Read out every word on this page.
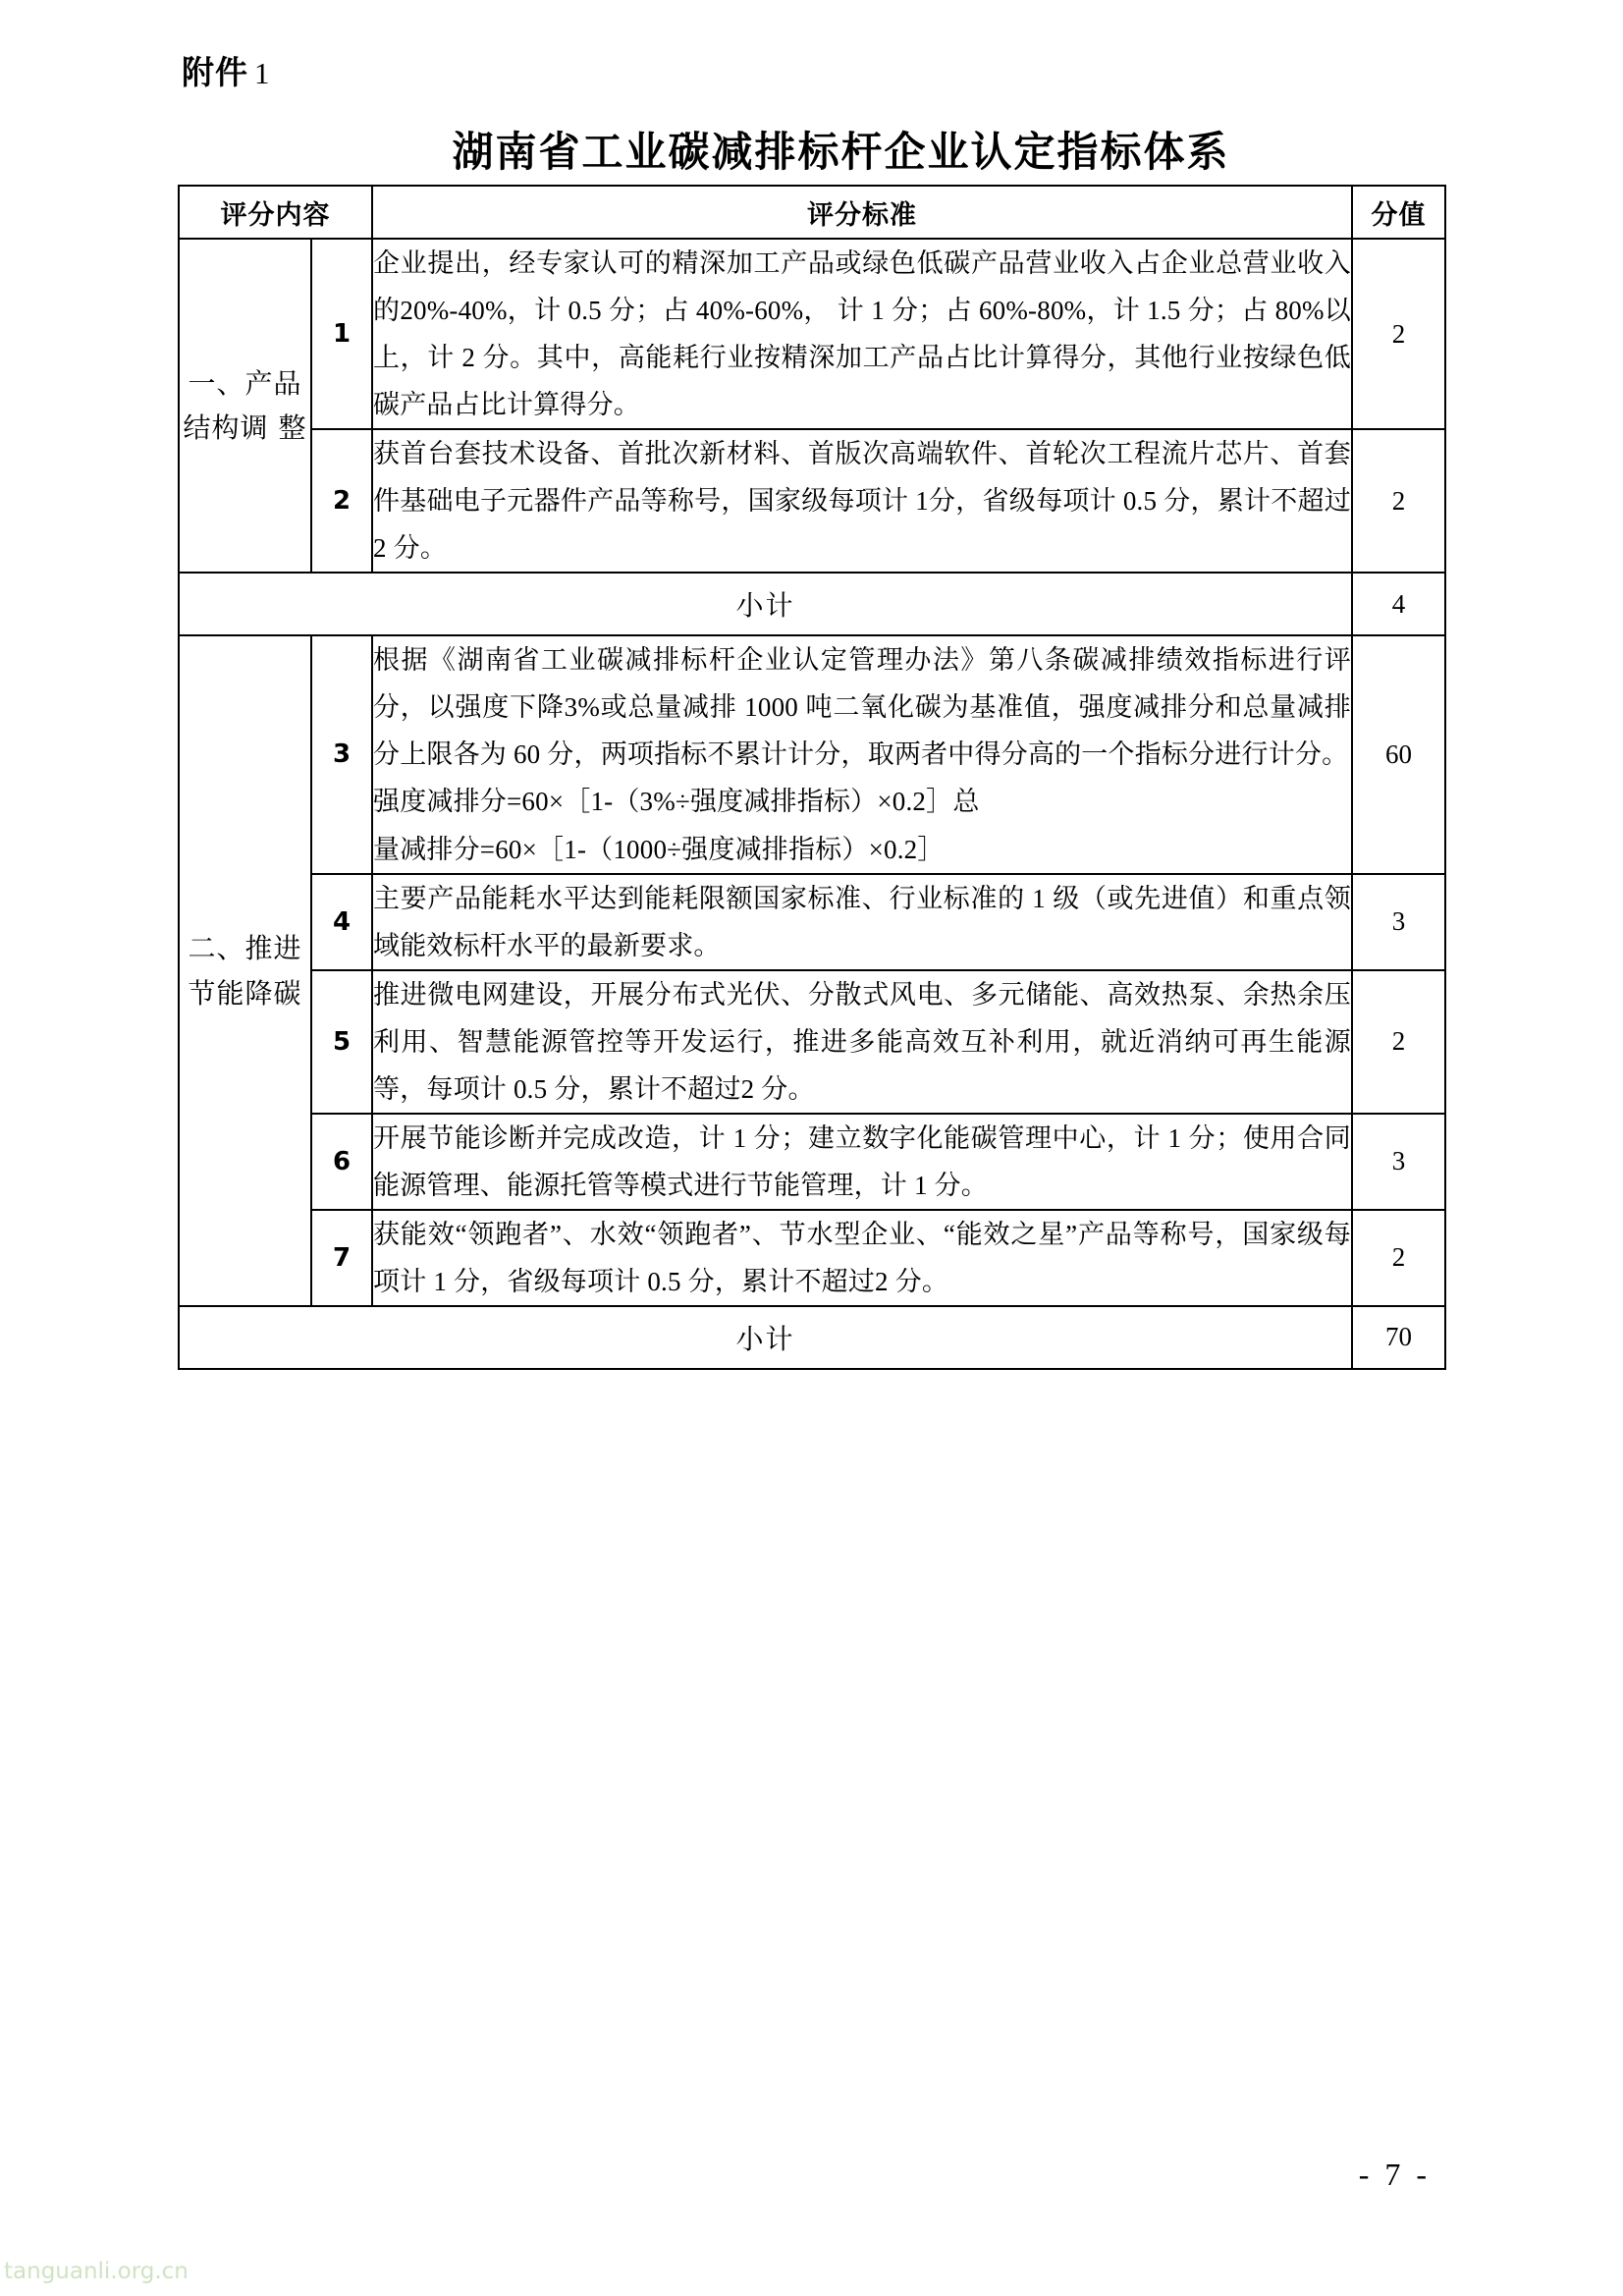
附件 1
湖南省工业碳减排标杆企业认定指标体系
评分内容		评分标准	分值
一、产品结构调 整	1	企业提出，经专家认可的精深加工产品或绿色低碳产品营业收入占企业总营业收入的20%-40%，计 0.5 分；占 40%-60%， 计 1 分；占 60%-80%，计 1.5 分；占 80%以上，计 2 分。其中，高能耗行业按精深加工产品占比计算得分，其他行业按绿色低碳产品占比计算得分。	2
	2	获首台套技术设备、首批次新材料、首版次高端软件、首轮次工程流片芯片、首套件基础电子元器件产品等称号，国家级每项计 1分，省级每项计 0.5 分，累计不超过2 分。	2
小计			4
二、推进节能降碳	3	根据《湖南省工业碳减排标杆企业认定管理办法》第八条碳减排绩效指标进行评分，以强度下降3%或总量减排 1000 吨二氧化碳为基准值，强度减排分和总量减排分上限各为 60 分，两项指标不累计计分，取两者中得分高的一个指标分进行计分。
强度减排分=60×［1-（3%÷强度减排指标）×0.2］总
量减排分=60×［1-（1000÷强度减排指标）×0.2］	60
	4	主要产品能耗水平达到能耗限额国家标准、行业标准的 1 级（或先进值）和重点领域能效标杆水平的最新要求。	3
	5	推进微电网建设，开展分布式光伏、分散式风电、多元储能、高效热泵、余热余压利用、智慧能源管控等开发运行，推进多能高效互补利用，就近消纳可再生能源等，每项计 0.5 分，累计不超过2 分。	2
	6	开展节能诊断并完成改造，计 1 分；建立数字化能碳管理中心，计 1 分；使用合同能源管理、能源托管等模式进行节能管理，计 1 分。	3
	7	获能效“领跑者”、水效“领跑者”、节水型企业、“能效之星”产品等称号，国家级每项计 1 分，省级每项计 0.5 分，累计不超过2 分。	2
小计			70
- 7 -
tanguanli.org.cn
